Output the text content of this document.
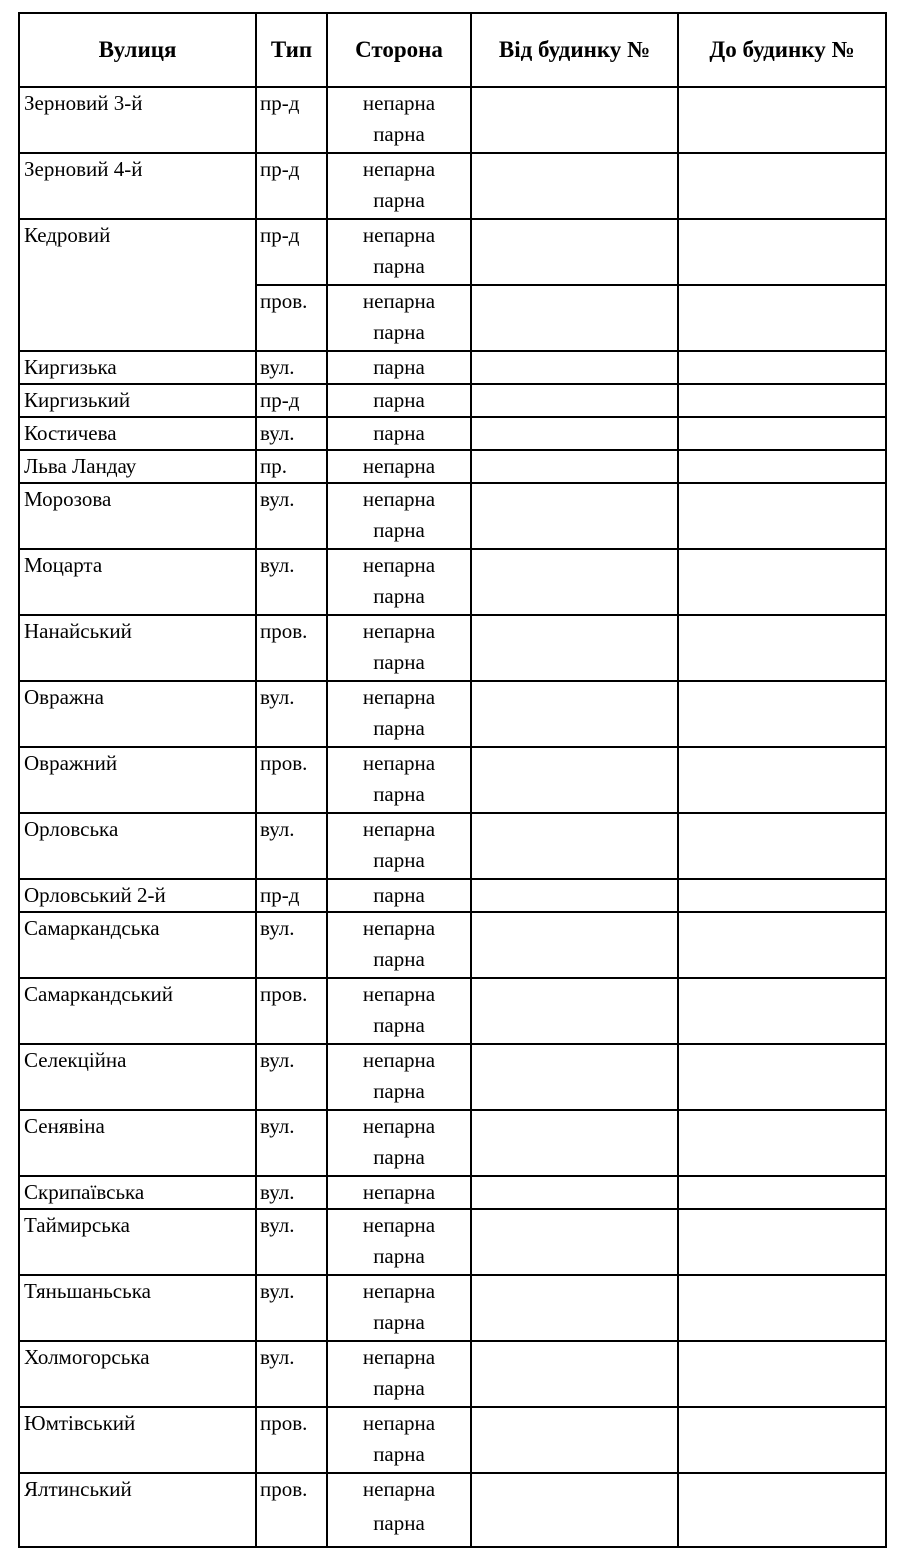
Вулиця	Тип	Сторона	Від будинку №	До будинку №
Зерновий 3-й	пр-д	непарна
парна		

Зерновий 4-й	пр-д	непарна
парна		

Кедровий	пр-д	непарна
парна		

	пров.	непарна
парна		

Киргизька	вул.	парна		

Киргизький	пр-д	парна		

Костичева	вул.	парна		

Льва Ландау	пр.	непарна		

Морозова	вул.	непарна
парна		

Моцарта	вул.	непарна
парна		

Нанайський	пров.	непарна
парна		

Овражна	вул.	непарна
парна		

Овражний	пров.	непарна
парна		

Орловська	вул.	непарна
парна		

Орловський 2-й	пр-д	парна		

Самаркандська	вул.	непарна
парна		

Самаркандський	пров.	непарна
парна		

Селекційна	вул.	непарна
парна		

Сенявіна	вул.	непарна
парна		

Скрипаївська	вул.	непарна		

Таймирська	вул.	непарна
парна		

Тяньшаньська	вул.	непарна
парна		

Холмогорська	вул.	непарна
парна		

Юмтівський	пров.	непарна
парна		

Ялтинський	пров.	непарна
парна		
